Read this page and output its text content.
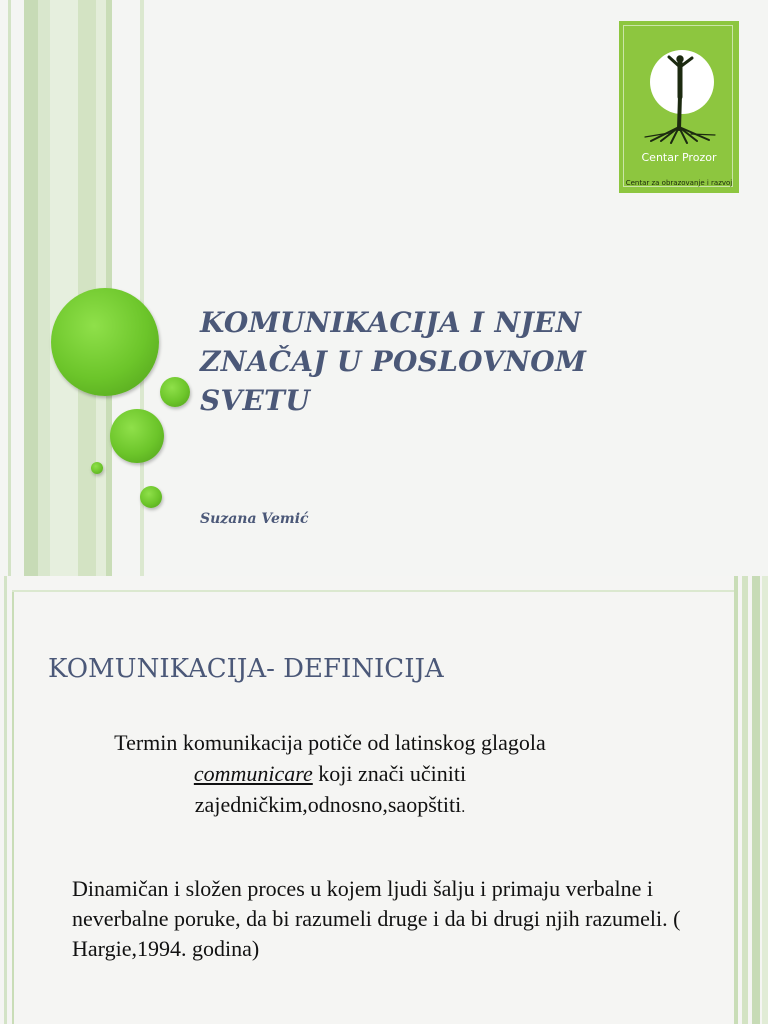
KOMUNIKACIJA I NJEN
ZNAČAJ U POSLOVNOM
SVETU

Suzana Vemić

Centar Prozor
Centar za obrazovanje i razvoj
KOMUNIKACIJA- DEFINICIJA

Termin komunikacija potiče od latinskog glagola communicare koji znači učiniti zajedničkim,odnosno,saopštiti.

Dinamičan i složen proces u kojem ljudi šalju i primaju verbalne i neverbalne poruke, da bi razumeli druge i da bi drugi njih razumeli. ( Hargie,1994. godina)
